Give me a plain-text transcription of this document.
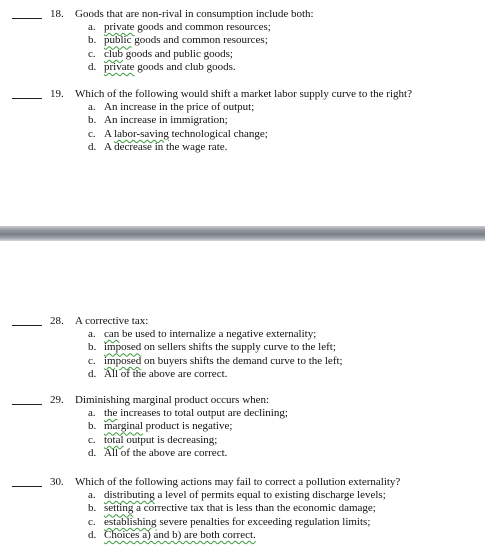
18. Goods that are non-rival in consumption include both:
a. private goods and common resources;
b. public goods and common resources;
c. club goods and public goods;
d. private goods and club goods.
19. Which of the following would shift a market labor supply curve to the right?
a. An increase in the price of output;
b. An increase in immigration;
c. A labor-saving technological change;
d. A decrease in the wage rate.
28. A corrective tax:
a. can be used to internalize a negative externality;
b. imposed on sellers shifts the supply curve to the left;
c. imposed on buyers shifts the demand curve to the left;
d. All of the above are correct.
29. Diminishing marginal product occurs when:
a. the increases to total output are declining;
b. marginal product is negative;
c. total output is decreasing;
d. All of the above are correct.
30. Which of the following actions may fail to correct a pollution externality?
a. distributing a level of permits equal to existing discharge levels;
b. setting a corrective tax that is less than the economic damage;
c. establishing severe penalties for exceeding regulation limits;
d. Choices a) and b) are both correct.
